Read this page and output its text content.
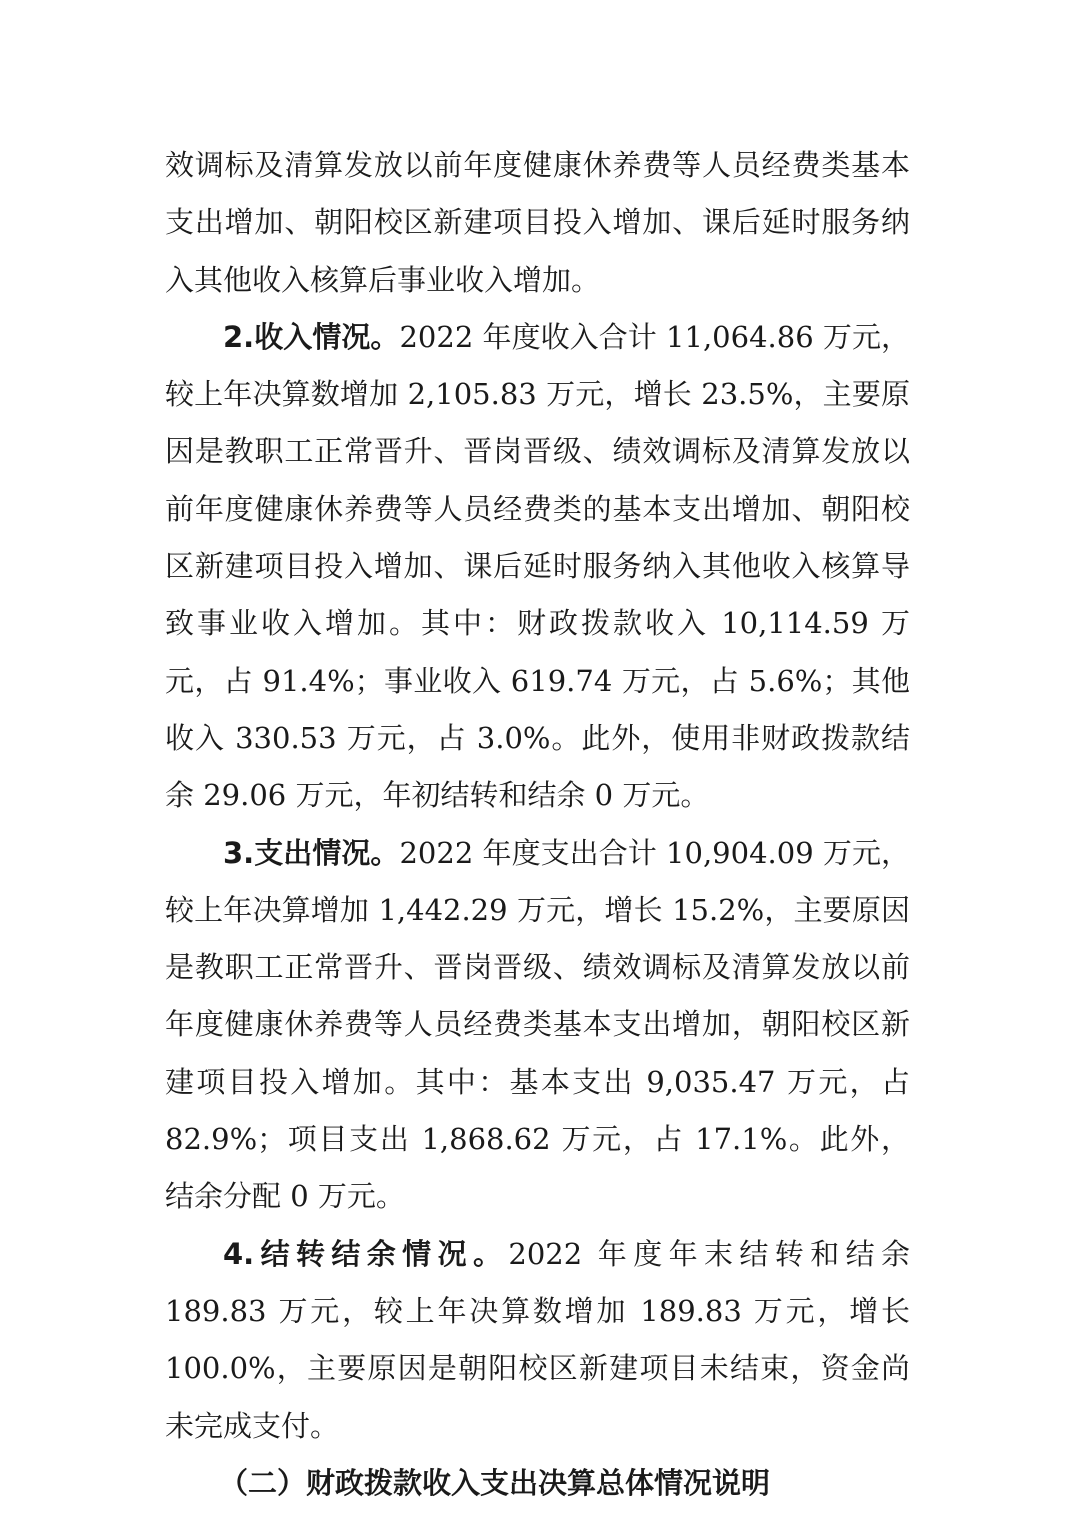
效调标及清算发放以前年度健康休养费等人员经费类基本支出增加、朝阳校区新建项目投入增加、课后延时服务纳入其他收入核算后事业收入增加。

2.收入情况。2022 年度收入合计 11,064.86 万元，较上年决算数增加 2,105.83 万元，增长 23.5%，主要原因是教职工正常晋升、晋岗晋级、绩效调标及清算发放以前年度健康休养费等人员经费类的基本支出增加、朝阳校区新建项目投入增加、课后延时服务纳入其他收入核算导致事业收入增加。其中：财政拨款收入 10,114.59 万元，占 91.4%；事业收入 619.74 万元，占 5.6%；其他收入 330.53 万元，占 3.0%。此外，使用非财政拨款结余 29.06 万元，年初结转和结余 0 万元。

3.支出情况。2022 年度支出合计 10,904.09 万元，较上年决算增加 1,442.29 万元，增长 15.2%，主要原因是教职工正常晋升、晋岗晋级、绩效调标及清算发放以前年度健康休养费等人员经费类基本支出增加，朝阳校区新建项目投入增加。其中：基本支出 9,035.47 万元，占 82.9%；项目支出 1,868.62 万元，占 17.1%。此外，结余分配 0 万元。

4.结转结余情况。2022 年度年末结转和结余 189.83 万元，较上年决算数增加 189.83 万元，增长 100.0%，主要原因是朝阳校区新建项目未结束，资金尚未完成支付。

（二）财政拨款收入支出决算总体情况说明
